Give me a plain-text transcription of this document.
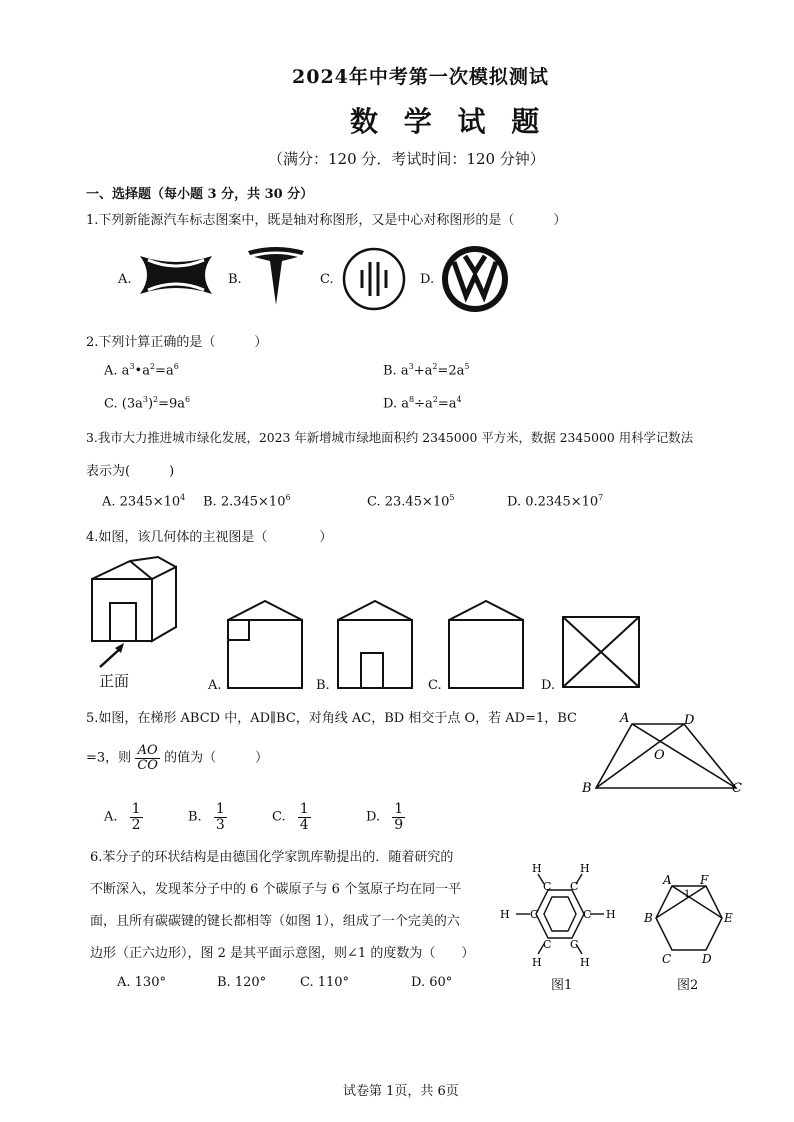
2024年中考第一次模拟测试
数 学 试 题
（满分：120 分．考试时间：120 分钟）
一、选择题（每小题 3 分，共 30 分）
1.下列新能源汽车标志图案中，既是轴对称图形，又是中心对称图形的是（　　　）
A.	B.	C.	D.
2.下列计算正确的是（　　　）
A. $a^3•a^2=a^6$	B. $a^3+a^2=2a^5$
C. $(3a^3)^2=9a^6$	D. $a^8\div a^2=a^4$
3.我市大力推进城市绿化发展，2023 年新增城市绿地面积约 2345000 平方米，数据 2345000 用科学记数法
表示为(　　　)
A. $2345\times 10^4$ B. $2.345\times 10^6$	C. $23.45\times 10^5$	D. $0.2345\times 10^7$
4.如图，该几何体的主视图是（　　　　）
正面	A.	B.	C.	D.
5.如图，在梯形 ABCD 中，AD∥BC，对角线 AC，BD 相交于点 O，若 AD=1，BC
=3，则 $\frac{AO}{CO}$ 的值为（　　　）
A. $\frac{1}{2}$	B. $\frac{1}{3}$	C. $\frac{1}{4}$	D. $\frac{1}{9}$
A	D
O
B	C
6.苯分子的环状结构是由德国化学家凯库勒提出的．随着研究的
不断深入，发现苯分子中的 6 个碳原子与 6 个氢原子均在同一平
面，且所有碳碳键的键长都相等（如图 1），组成了一个完美的六
边形（正六边形），图 2 是其平面示意图，则∠1 的度数为（　　）
A. 130°	B. 120°	C. 110°	D. 60°
C C
C	C
C C
H	H
H	H
H	H
图1
A F
B	E
C	D
1
图2
试卷第 1页，共 6页
